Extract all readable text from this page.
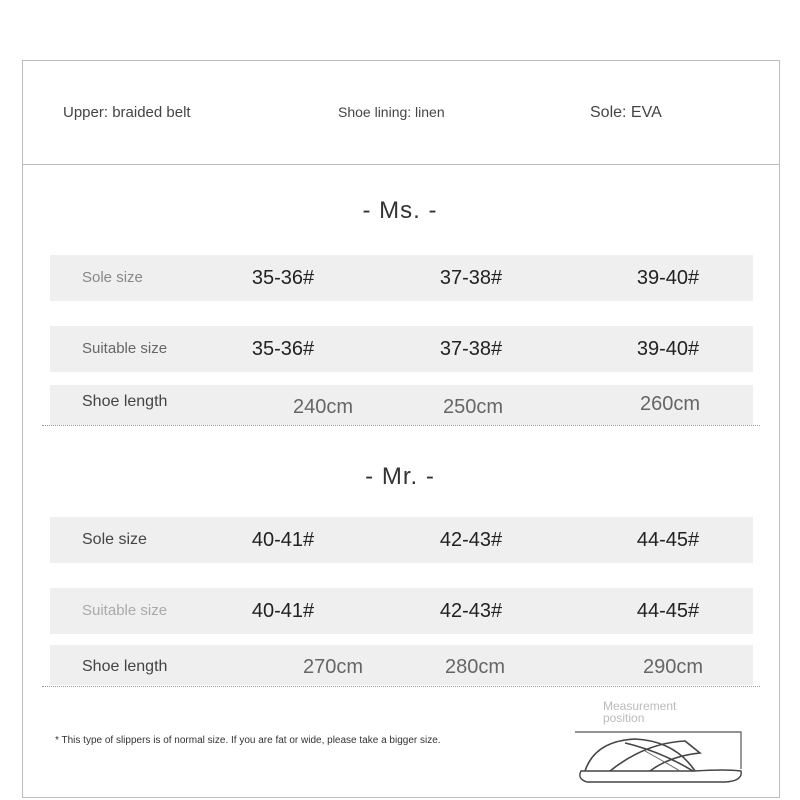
Upper: braided belt	Shoe lining: linen	Sole: EVA
- Ms. -
Sole size	35-36#	37-38#	39-40#
Suitable size	35-36#	37-38#	39-40#
Shoe length	240cm	250cm	260cm
- Mr. -
Sole size	40-41#	42-43#	44-45#
Suitable size	40-41#	42-43#	44-45#
Shoe length	270cm	280cm	290cm
* This type of slippers is of normal size. If you are fat or wide, please take a bigger size.
Measurement
position
